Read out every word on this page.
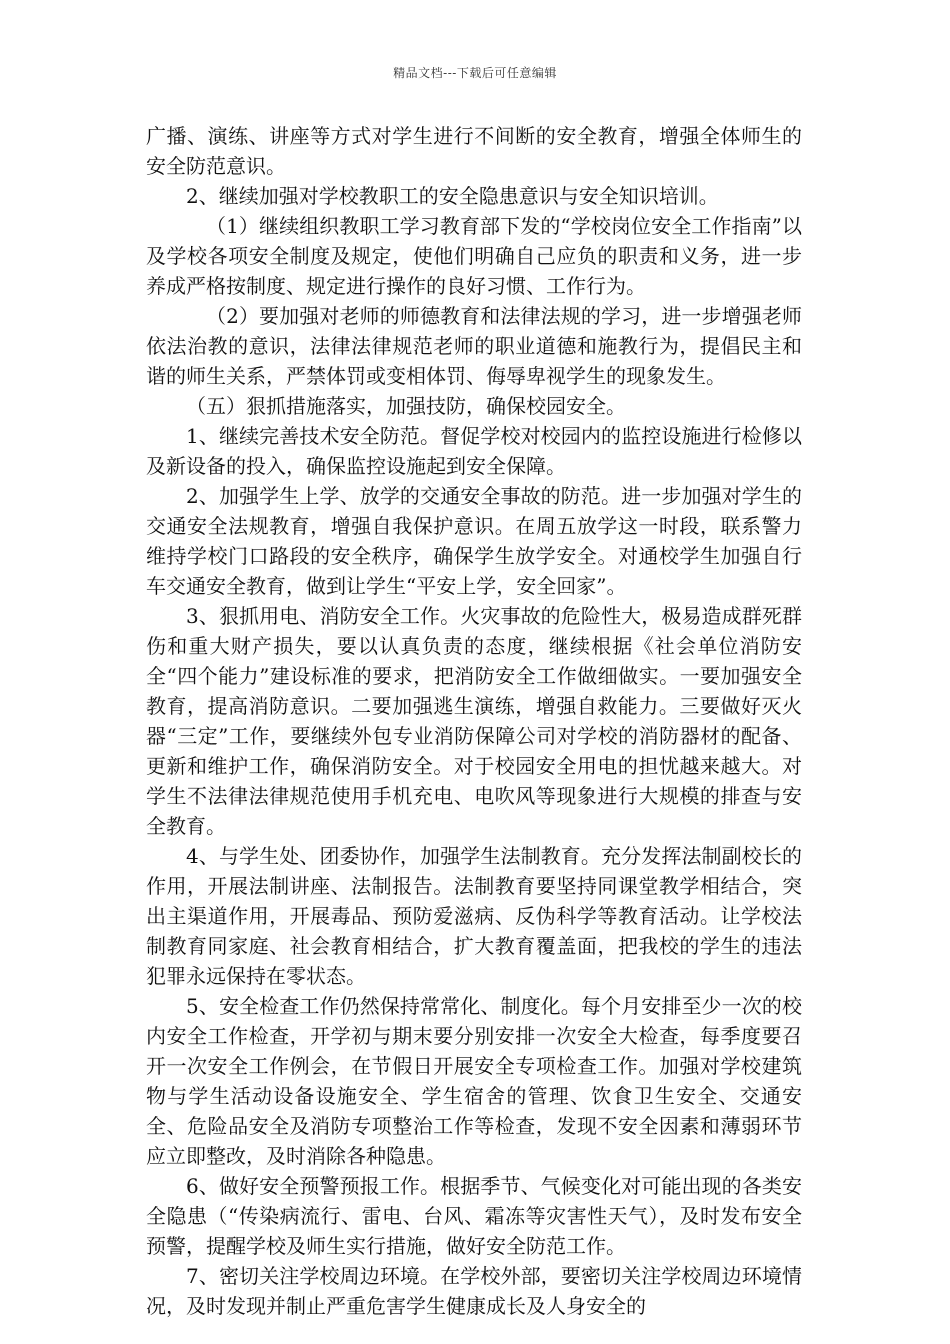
精品文档---下载后可任意编辑

广播、演练、讲座等方式对学生进行不间断的安全教育，增强全体师生的安全防范意识。

2、继续加强对学校教职工的安全隐患意识与安全知识培训。

（1）继续组织教职工学习教育部下发的“学校岗位安全工作指南”以及学校各项安全制度及规定，使他们明确自己应负的职责和义务，进一步养成严格按制度、规定进行操作的良好习惯、工作行为。

（2）要加强对老师的师德教育和法律法规的学习，进一步增强老师依法治教的意识，法律法律规范老师的职业道德和施教行为，提倡民主和谐的师生关系，严禁体罚或变相体罚、侮辱卑视学生的现象发生。

（五）狠抓措施落实，加强技防，确保校园安全。

1、继续完善技术安全防范。督促学校对校园内的监控设施进行检修以及新设备的投入，确保监控设施起到安全保障。

2、加强学生上学、放学的交通安全事故的防范。进一步加强对学生的交通安全法规教育，增强自我保护意识。在周五放学这一时段，联系警力维持学校门口路段的安全秩序，确保学生放学安全。对通校学生加强自行车交通安全教育，做到让学生“平安上学，安全回家”。

3、狠抓用电、消防安全工作。火灾事故的危险性大，极易造成群死群伤和重大财产损失，要以认真负责的态度，继续根据《社会单位消防安全“四个能力”建设标准的要求，把消防安全工作做细做实。一要加强安全教育，提高消防意识。二要加强逃生演练，增强自救能力。三要做好灭火器“三定”工作，要继续外包专业消防保障公司对学校的消防器材的配备、更新和维护工作，确保消防安全。对于校园安全用电的担忧越来越大。对学生不法律法律规范使用手机充电、电吹风等现象进行大规模的排查与安全教育。

4、与学生处、团委协作，加强学生法制教育。充分发挥法制副校长的作用，开展法制讲座、法制报告。法制教育要坚持同课堂教学相结合，突出主渠道作用，开展毒品、预防爱滋病、反伪科学等教育活动。让学校法制教育同家庭、社会教育相结合，扩大教育覆盖面，把我校的学生的违法犯罪永远保持在零状态。

5、安全检查工作仍然保持常常化、制度化。每个月安排至少一次的校内安全工作检查，开学初与期末要分别安排一次安全大检查，每季度要召开一次安全工作例会，在节假日开展安全专项检查工作。加强对学校建筑物与学生活动设备设施安全、学生宿舍的管理、饮食卫生安全、交通安全、危险品安全及消防专项整治工作等检查，发现不安全因素和薄弱环节应立即整改，及时消除各种隐患。

6、做好安全预警预报工作。根据季节、气候变化对可能出现的各类安全隐患（“传染病流行、雷电、台风、霜冻等灾害性天气），及时发布安全预警，提醒学校及师生实行措施，做好安全防范工作。

7、密切关注学校周边环境。在学校外部，要密切关注学校周边环境情况，及时发现并制止严重危害学生健康成长及人身安全的
